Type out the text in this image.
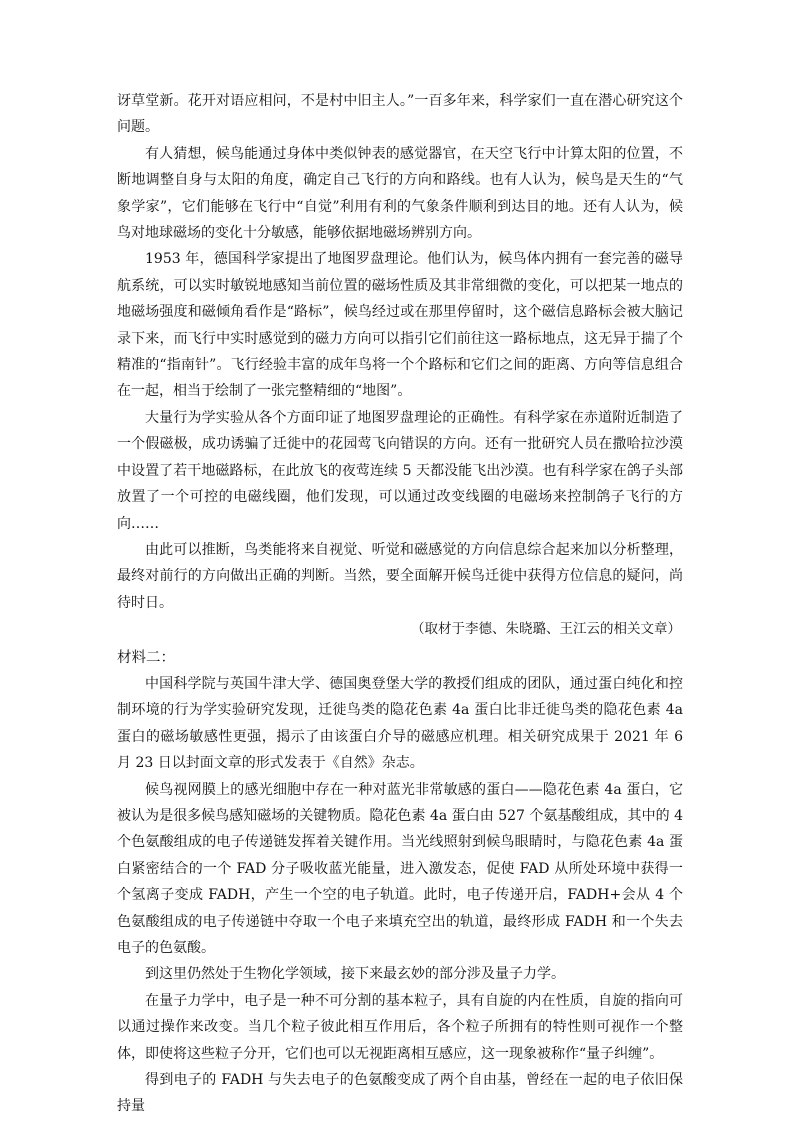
讶草堂新。花开对语应相问，不是村中旧主人。”一百多年来，科学家们一直在潜心研究这个问题。

有人猜想，候鸟能通过身体中类似钟表的感觉器官，在天空飞行中计算太阳的位置，不断地调整自身与太阳的角度，确定自己飞行的方向和路线。也有人认为，候鸟是天生的“气象学家”，它们能够在飞行中“自觉”利用有利的气象条件顺利到达目的地。还有人认为，候鸟对地球磁场的变化十分敏感，能够依据地磁场辨别方向。

1953 年，德国科学家提出了地图罗盘理论。他们认为，候鸟体内拥有一套完善的磁导航系统，可以实时敏锐地感知当前位置的磁场性质及其非常细微的变化，可以把某一地点的地磁场强度和磁倾角看作是“路标”，候鸟经过或在那里停留时，这个磁信息路标会被大脑记录下来，而飞行中实时感觉到的磁力方向可以指引它们前往这一路标地点，这无异于揣了个精准的“指南针”。飞行经验丰富的成年鸟将一个个路标和它们之间的距离、方向等信息组合在一起，相当于绘制了一张完整精细的“地图”。

大量行为学实验从各个方面印证了地图罗盘理论的正确性。有科学家在赤道附近制造了一个假磁极，成功诱骗了迁徙中的花园莺飞向错误的方向。还有一批研究人员在撒哈拉沙漠中设置了若干地磁路标，在此放飞的夜莺连续 5 天都没能飞出沙漠。也有科学家在鸽子头部放置了一个可控的电磁线圈，他们发现，可以通过改变线圈的电磁场来控制鸽子飞行的方向……

由此可以推断，鸟类能将来自视觉、听觉和磁感觉的方向信息综合起来加以分析整理，最终对前行的方向做出正确的判断。当然，要全面解开候鸟迁徙中获得方位信息的疑问，尚待时日。

（取材于李德、朱晓璐、王江云的相关文章）

材料二：

中国科学院与英国牛津大学、德国奥登堡大学的教授们组成的团队，通过蛋白纯化和控制环境的行为学实验研究发现，迁徙鸟类的隐花色素 4a 蛋白比非迁徙鸟类的隐花色素 4a 蛋白的磁场敏感性更强，揭示了由该蛋白介导的磁感应机理。相关研究成果于 2021 年 6 月 23 日以封面文章的形式发表于《自然》杂志。

候鸟视网膜上的感光细胞中存在一种对蓝光非常敏感的蛋白——隐花色素 4a 蛋白，它被认为是很多候鸟感知磁场的关键物质。隐花色素 4a 蛋白由 527 个氨基酸组成，其中的 4 个色氨酸组成的电子传递链发挥着关键作用。当光线照射到候鸟眼睛时，与隐花色素 4a 蛋白紧密结合的一个 FAD 分子吸收蓝光能量，进入激发态，促使 FAD 从所处环境中获得一个氢离子变成 FADH，产生一个空的电子轨道。此时，电子传递开启，FADH+会从 4 个色氨酸组成的电子传递链中夺取一个电子来填充空出的轨道，最终形成 FADH 和一个失去电子的色氨酸。

到这里仍然处于生物化学领域，接下来最玄妙的部分涉及量子力学。

在量子力学中，电子是一种不可分割的基本粒子，具有自旋的内在性质，自旋的指向可以通过操作来改变。当几个粒子彼此相互作用后，各个粒子所拥有的特性则可视作一个整体，即使将这些粒子分开，它们也可以无视距离相互感应，这一现象被称作“量子纠缠”。

得到电子的 FADH 与失去电子的色氨酸变成了两个自由基，曾经在一起的电子依旧保持量
